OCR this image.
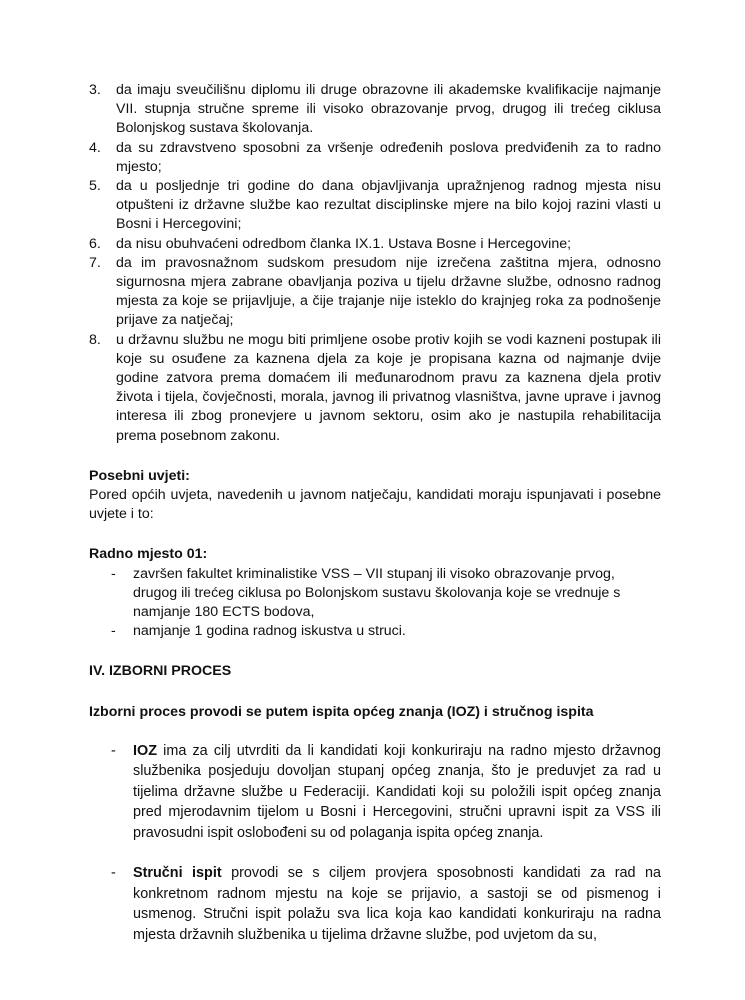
3. da imaju sveučilišnu diplomu ili druge obrazovne ili akademske kvalifikacije najmanje VII. stupnja stručne spreme ili visoko obrazovanje prvog, drugog ili trećeg ciklusa Bolonjskog sustava školovanja.
4. da su zdravstveno sposobni za vršenje određenih poslova predviđenih za to radno mjesto;
5. da u posljednje tri godine do dana objavljivanja upražnjenog radnog mjesta nisu otpušteni iz državne službe kao rezultat disciplinske mjere na bilo kojoj razini vlasti u Bosni i Hercegovini;
6. da nisu obuhvaćeni odredbom članka IX.1. Ustava Bosne i Hercegovine;
7. da im pravosnažnom sudskom presudom nije izrečena zaštitna mjera, odnosno sigurnosna mjera zabrane obavljanja poziva u tijelu državne službe, odnosno radnog mjesta za koje se prijavljuje, a čije trajanje nije isteklo do krajnjeg roka za podnošenje prijave za natječaj;
8. u državnu službu ne mogu biti primljene osobe protiv kojih se vodi kazneni postupak ili koje su osuđene za kaznena djela za koje je propisana kazna od najmanje dvije godine zatvora prema domaćem ili međunarodnom pravu za kaznena djela protiv života i tijela, čovječnosti, morala, javnog ili privatnog vlasništva, javne uprave i javnog interesa ili zbog pronevjere u javnom sektoru, osim ako je nastupila rehabilitacija prema posebnom zakonu.
Posebni uvjeti:
Pored općih uvjeta, navedenih u javnom natječaju, kandidati moraju ispunjavati i posebne uvjete i to:
Radno mjesto 01:
- završen fakultet kriminalistike VSS – VII stupanj ili visoko obrazovanje prvog, drugog ili trećeg ciklusa po Bolonjskom sustavu školovanja koje se vrednuje s namjanje 180 ECTS bodova,
- namjanje 1 godina radnog iskustva u struci.
IV. IZBORNI PROCES
Izborni proces provodi se putem ispita općeg znanja (IOZ) i stručnog ispita
- IOZ ima za cilj utvrditi da li kandidati koji konkuriraju na radno mjesto državnog službenika posjeduju dovoljan stupanj općeg znanja, što je preduvjet za rad u tijelima državne službe u Federaciji. Kandidati koji su položili ispit općeg znanja pred mjerodavnim tijelom u Bosni i Hercegovini, stručni upravni ispit za VSS ili pravosudni ispit oslobođeni su od polaganja ispita općeg znanja.
- Stručni ispit provodi se s ciljem provjera sposobnosti kandidati za rad na konkretnom radnom mjestu na koje se prijavio, a sastoji se od pismenog i usmenog. Stručni ispit polažu sva lica koja kao kandidati konkuriraju na radna mjesta državnih službenika u tijelima državne službe, pod uvjetom da su,
